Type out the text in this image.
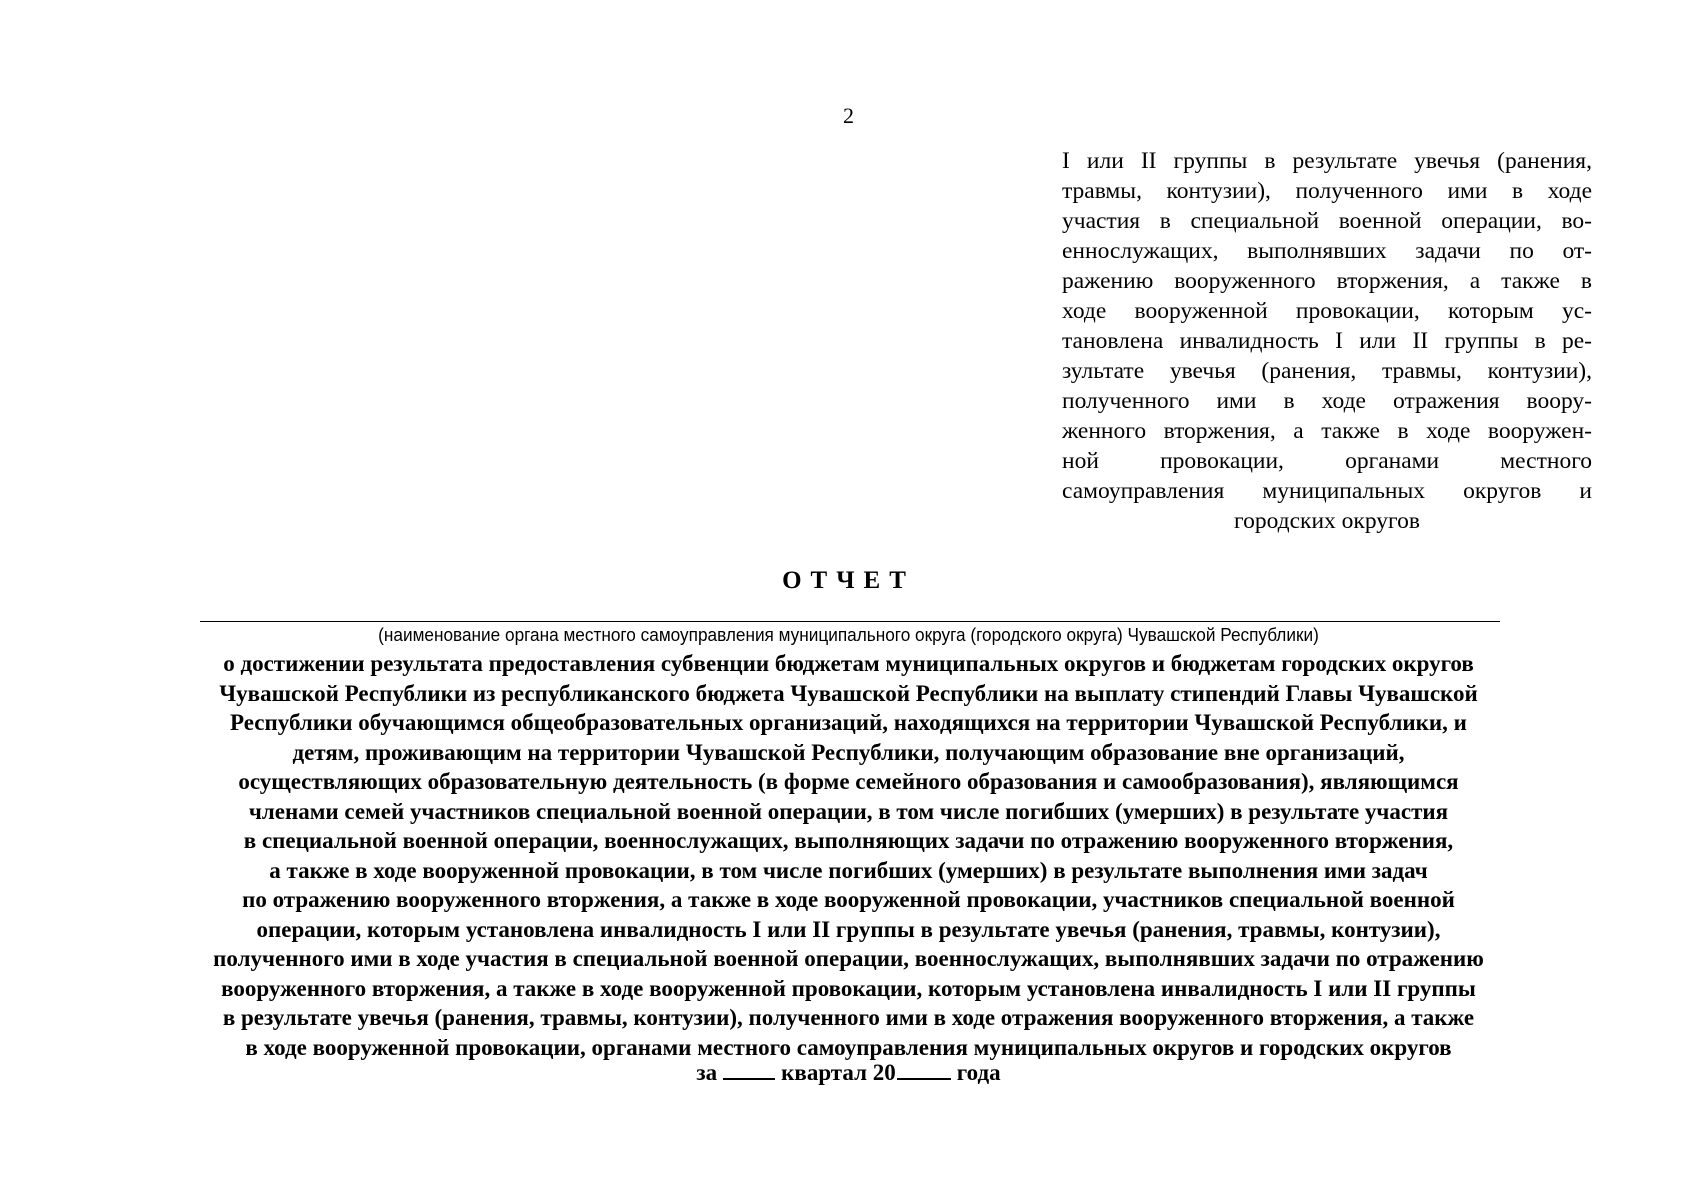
2
I или II группы в результате увечья (ранения,
травмы, контузии), полученного ими в ходе
участия в специальной военной операции, во-
еннослужащих, выполнявших задачи по от-
ражению вооруженного вторжения, а также в
ходе вооруженной провокации, которым ус-
тановлена инвалидность I или II группы в ре-
зультате увечья (ранения, травмы, контузии),
полученного ими в ходе отражения воору-
женного вторжения, а также в ходе вооружен-
ной провокации, органами местного
самоуправления муниципальных округов и
городских округов
ОТЧЕТ
(наименование органа местного самоуправления муниципального округа (городского округа) Чувашской Республики)
о достижении результата предоставления субвенции бюджетам муниципальных округов и бюджетам городских округов
Чувашской Республики из республиканского бюджета Чувашской Республики на выплату стипендий Главы Чувашской
Республики обучающимся общеобразовательных организаций, находящихся на территории Чувашской Республики, и
детям, проживающим на территории Чувашской Республики, получающим образование вне организаций,
осуществляющих образовательную деятельность (в форме семейного образования и самообразования), являющимся
членами семей участников специальной военной операции, в том числе погибших (умерших) в результате участия
в специальной военной операции, военнослужащих, выполняющих задачи по отражению вооруженного вторжения,
а также в ходе вооруженной провокации, в том числе погибших (умерших) в результате выполнения ими задач
по отражению вооруженного вторжения, а также в ходе вооруженной провокации, участников специальной военной
операции, которым установлена инвалидность I или II группы в результате увечья (ранения, травмы, контузии),
полученного ими в ходе участия в специальной военной операции, военнослужащих, выполнявших задачи по отражению
вооруженного вторжения, а также в ходе вооруженной провокации, которым установлена инвалидность I или II группы
в результате увечья (ранения, травмы, контузии), полученного ими в ходе отражения вооруженного вторжения, а также
в ходе вооруженной провокации, органами местного самоуправления муниципальных округов и городских округов
за	квартал 20	года
